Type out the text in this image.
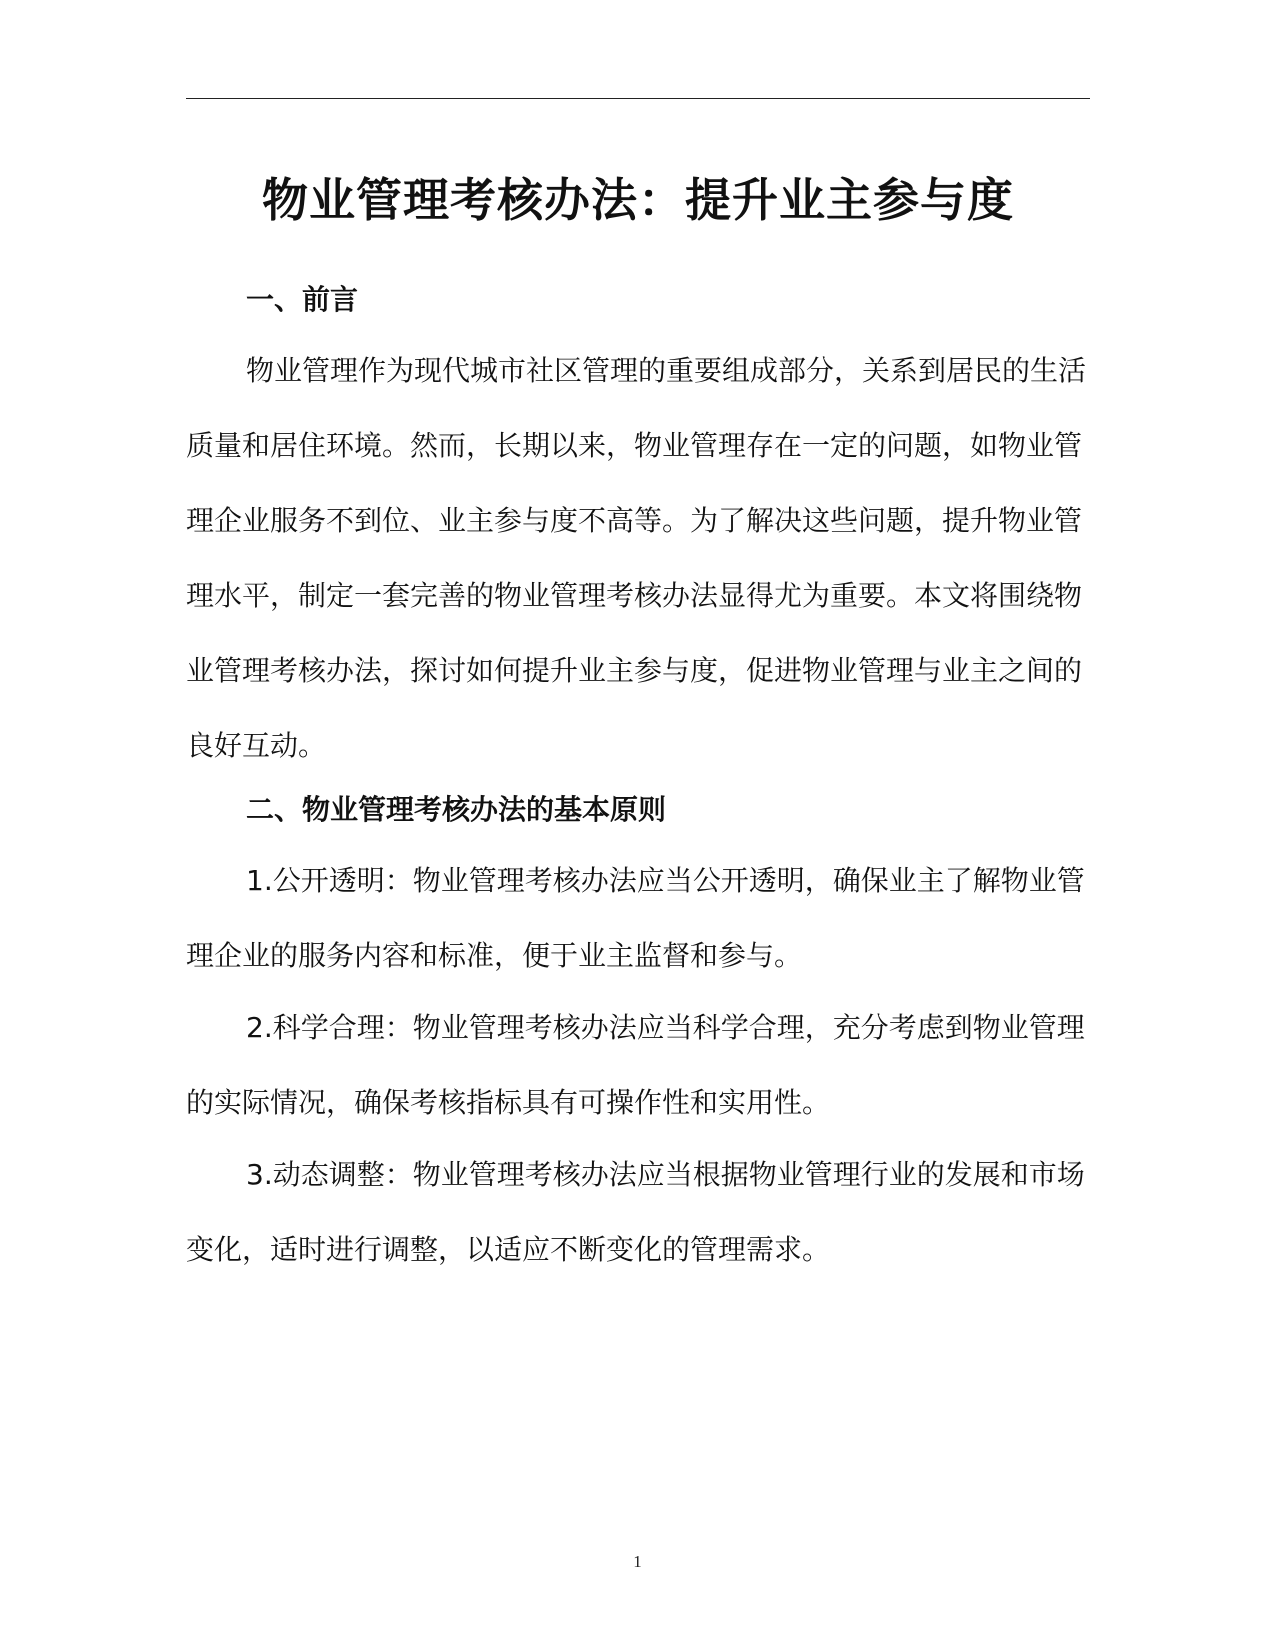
物业管理考核办法：提升业主参与度
一、前言

物业管理作为现代城市社区管理的重要组成部分，关系到居民的生活质量和居住环境。然而，长期以来，物业管理存在一定的问题，如物业管理企业服务不到位、业主参与度不高等。为了解决这些问题，提升物业管理水平，制定一套完善的物业管理考核办法显得尤为重要。本文将围绕物业管理考核办法，探讨如何提升业主参与度，促进物业管理与业主之间的良好互动。

二、物业管理考核办法的基本原则

1.公开透明：物业管理考核办法应当公开透明，确保业主了解物业管理企业的服务内容和标准，便于业主监督和参与。

2.科学合理：物业管理考核办法应当科学合理，充分考虑到物业管理的实际情况，确保考核指标具有可操作性和实用性。

3.动态调整：物业管理考核办法应当根据物业管理行业的发展和市场变化，适时进行调整，以适应不断变化的管理需求。

1
